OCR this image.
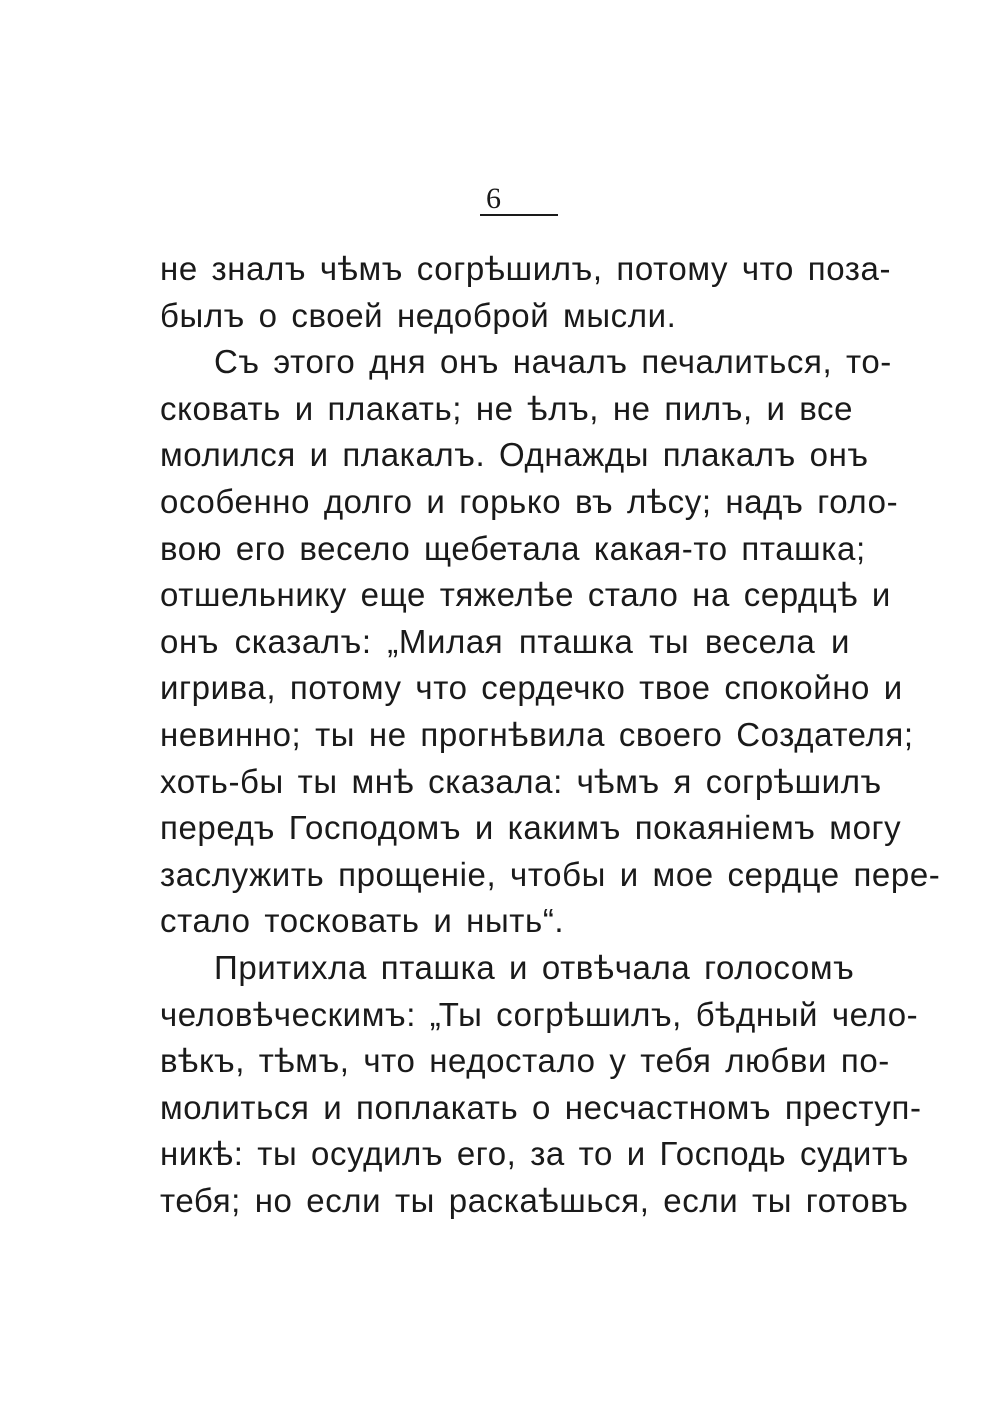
6
не зналъ чѣмъ согрѣшилъ, потому что поза-
былъ о своей недоброй мысли.
Съ этого дня онъ началъ печалиться, то-
сковать и плакать; не ѣлъ, не пилъ, и все
молился и плакалъ. Однажды плакалъ онъ
особенно долго и горько въ лѣсу; надъ голо-
вою его весело щебетала какая-то пташка;
отшельнику еще тяжелѣе стало на сердцѣ и
онъ сказалъ: „Милая пташка ты весела и
игрива, потому что сердечко твое спокойно и
невинно; ты не прогнѣвила своего Создателя;
хоть-бы ты мнѣ сказала: чѣмъ я согрѣшилъ
передъ Господомъ и какимъ покаяніемъ могу
заслужить прощеніе, чтобы и мое сердце пере-
стало тосковать и ныть“.
Притихла пташка и отвѣчала голосомъ
человѣческимъ: „Ты согрѣшилъ, бѣдный чело-
вѣкъ, тѣмъ, что недостало у тебя любви по-
молиться и поплакать о несчастномъ преступ-
никѣ: ты осудилъ его, за то и Господь судитъ
тебя; но если ты раскаѣшься, если ты готовъ
